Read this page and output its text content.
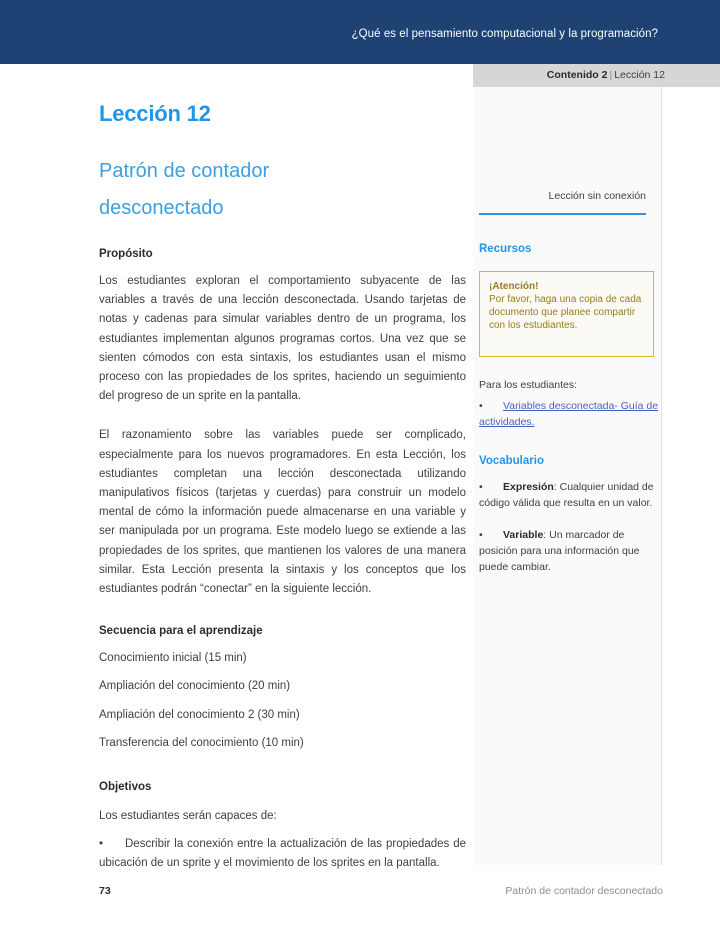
¿Qué es el pensamiento computacional y la programación?
Contenido 2 | Lección 12
Lección sin conexión
Recursos
¡Atención!
Por favor, haga una copia de cada documento que planee compartir con los estudiantes.
Para los estudiantes:
• Variables desconectada- Guía de actividades.
Vocabulario
• Expresión: Cualquier unidad de código válida que resulta en un valor.
• Variable: Un marcador de posición para una información que puede cambiar.
Lección 12
Patrón de contador desconectado
Propósito

Los estudiantes exploran el comportamiento subyacente de las variables a través de una lección desconectada. Usando tarjetas de notas y cadenas para simular variables dentro de un programa, los estudiantes implementan algunos programas cortos. Una vez que se sienten cómodos con esta sintaxis, los estudiantes usan el mismo proceso con las propiedades de los sprites, haciendo un seguimiento del progreso de un sprite en la pantalla.

El razonamiento sobre las variables puede ser complicado, especialmente para los nuevos programadores. En esta Lección, los estudiantes completan una lección desconectada utilizando manipulativos físicos (tarjetas y cuerdas) para construir un modelo mental de cómo la información puede almacenarse en una variable y ser manipulada por un programa. Este modelo luego se extiende a las propiedades de los sprites, que mantienen los valores de una manera similar. Esta Lección presenta la sintaxis y los conceptos que los estudiantes podrán “conectar” en la siguiente lección.

Secuencia para el aprendizaje

Conocimiento inicial (15 min)

Ampliación del conocimiento (20 min)

Ampliación del conocimiento 2 (30 min)

Transferencia del conocimiento (10 min)

Objetivos

Los estudiantes serán capaces de:

• Describir la conexión entre la actualización de las propiedades de ubicación de un sprite y el movimiento de los sprites en la pantalla.

73	Patrón de contador desconectado
